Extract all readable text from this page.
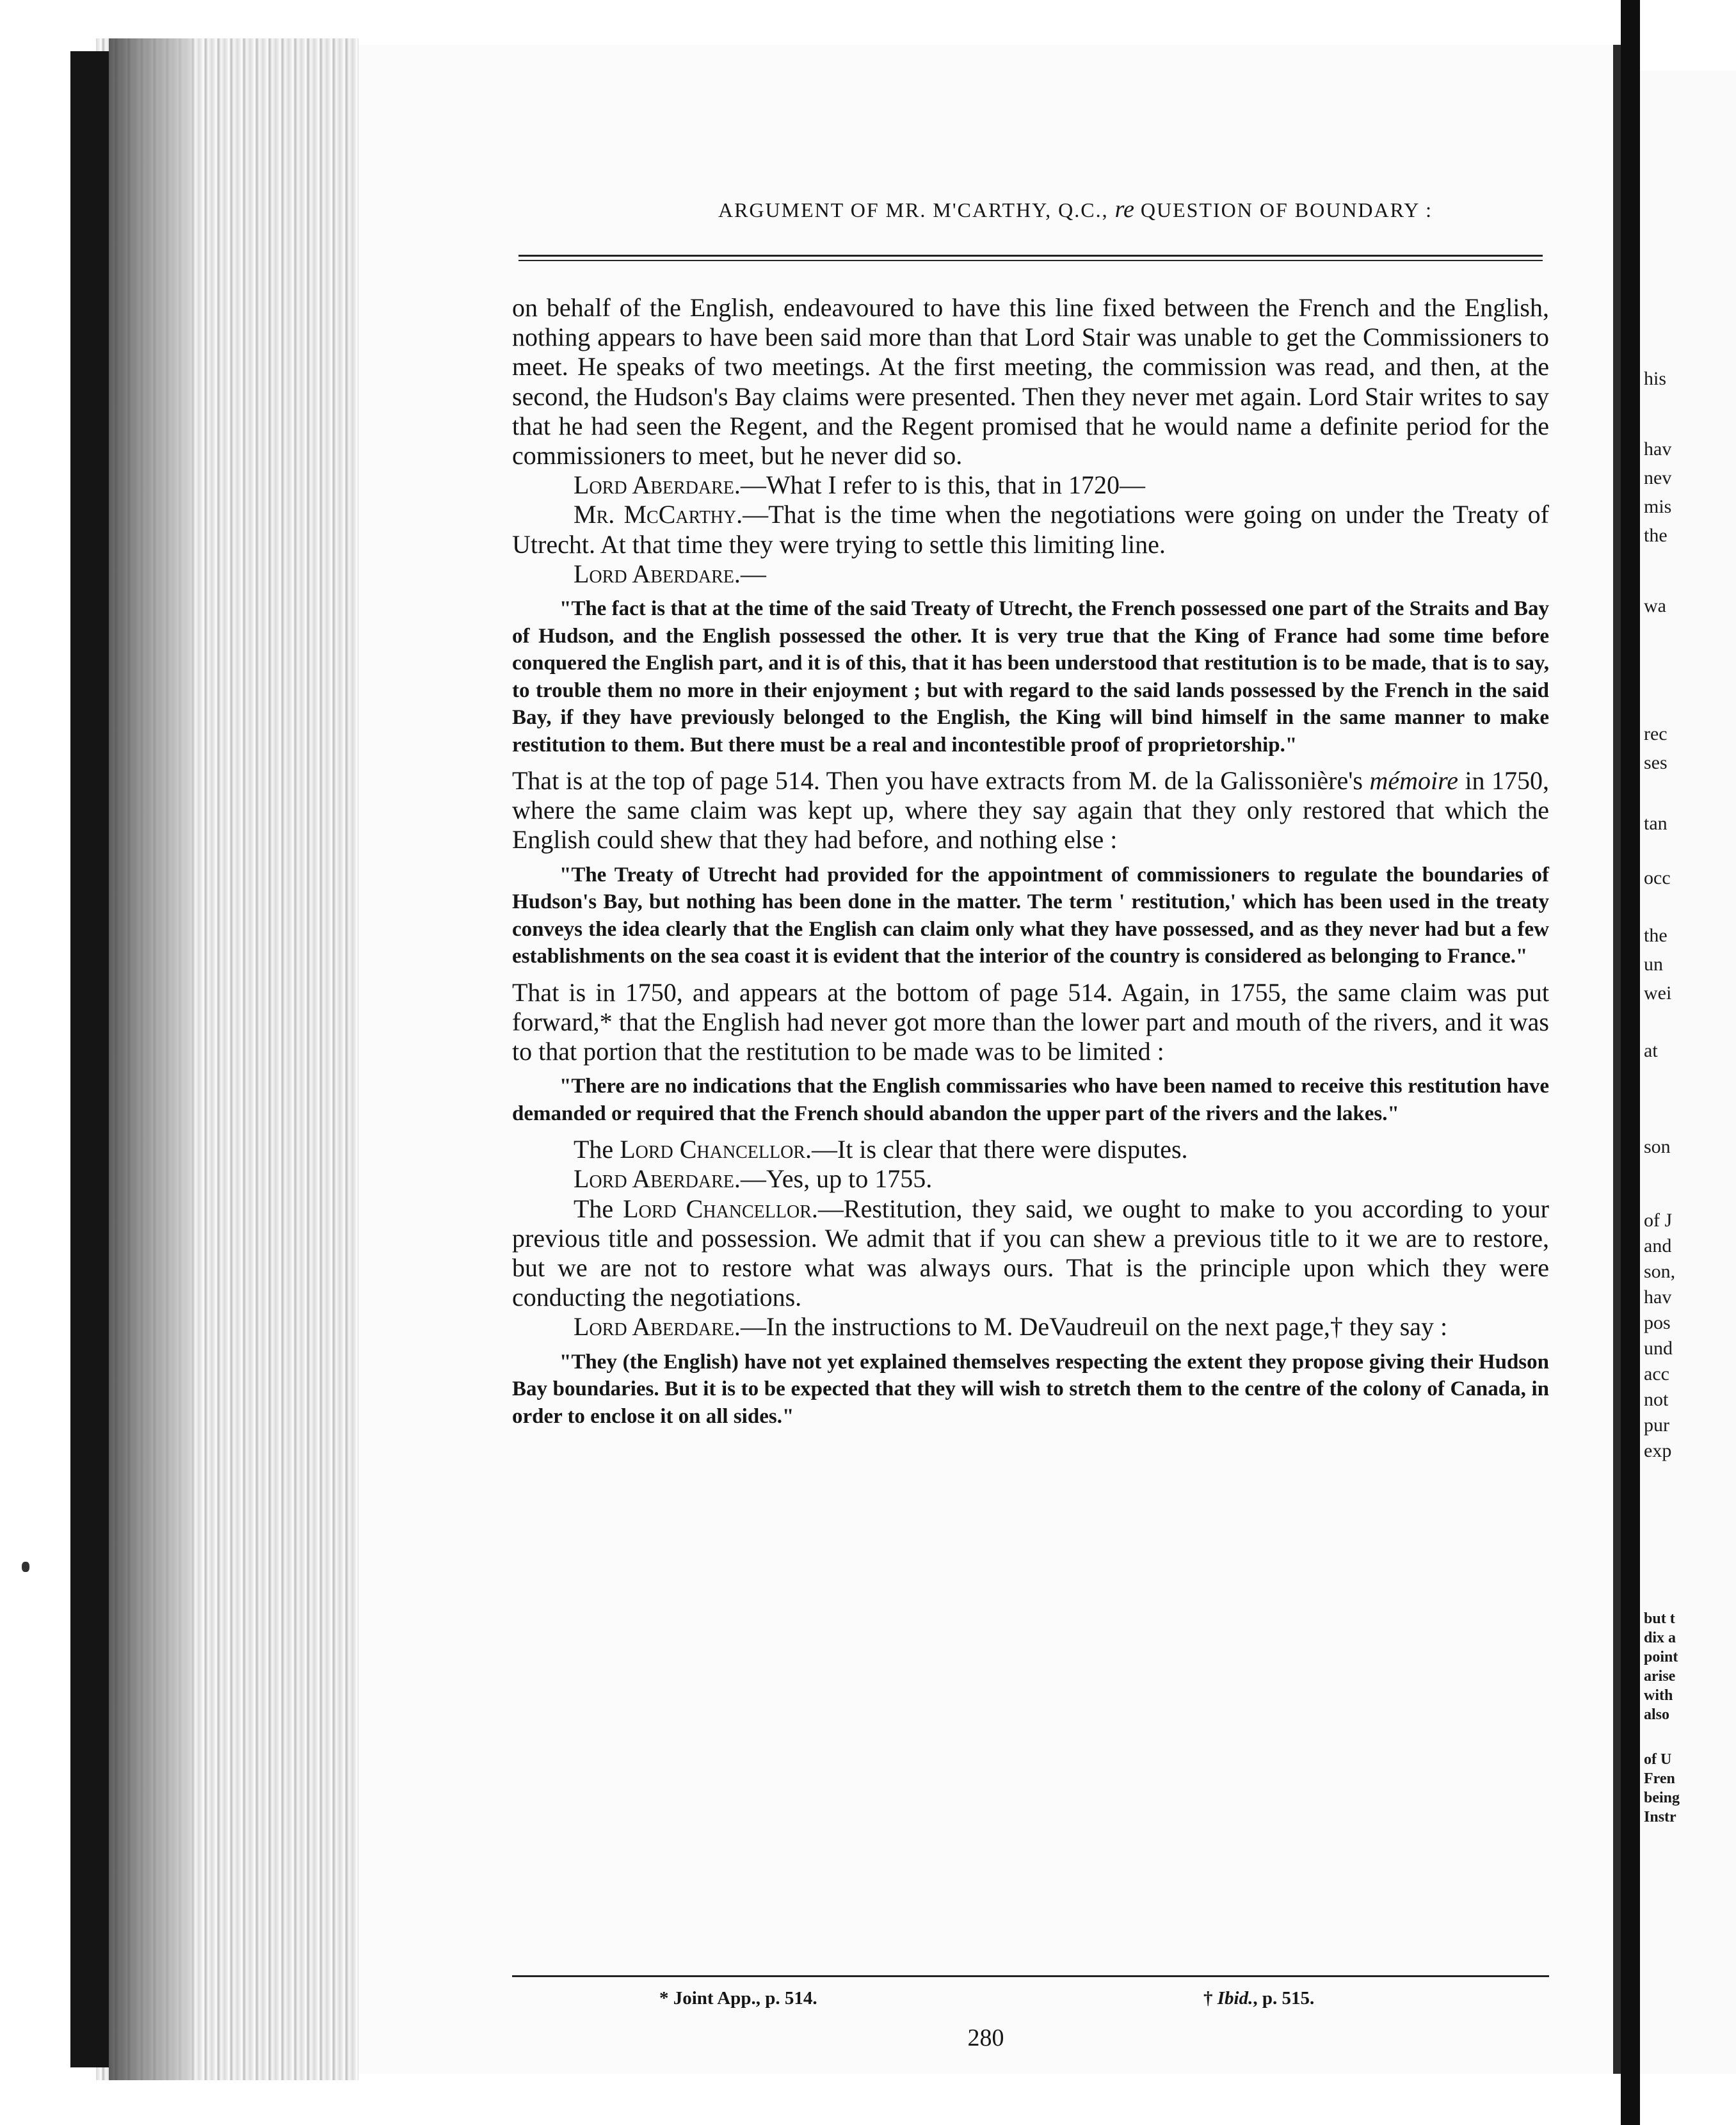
ARGUMENT OF MR. M'CARTHY, Q.C., re QUESTION OF BOUNDARY :

on behalf of the English, endeavoured to have this line fixed between the French and the English, nothing appears to have been said more than that Lord Stair was unable to get the Commissioners to meet. He speaks of two meetings. At the first meeting, the commission was read, and then, at the second, the Hudson's Bay claims were presented. Then they never met again. Lord Stair writes to say that he had seen the Regent, and the Regent promised that he would name a definite period for the commissioners to meet, but he never did so.

Lord Aberdare.—What I refer to is this, that in 1720—

Mr. McCarthy.—That is the time when the negotiations were going on under the Treaty of Utrecht. At that time they were trying to settle this limiting line.

Lord Aberdare.—

"The fact is that at the time of the said Treaty of Utrecht, the French possessed one part of the Straits and Bay of Hudson, and the English possessed the other. It is very true that the King of France had some time before conquered the English part, and it is of this, that it has been understood that restitution is to be made, that is to say, to trouble them no more in their enjoyment ; but with regard to the said lands possessed by the French in the said Bay, if they have previously belonged to the English, the King will bind himself in the same manner to make restitution to them. But there must be a real and incontestible proof of proprietorship."

That is at the top of page 514. Then you have extracts from M. de la Galissonière's mémoire in 1750, where the same claim was kept up, where they say again that they only restored that which the English could shew that they had before, and nothing else :

"The Treaty of Utrecht had provided for the appointment of commissioners to regulate the boundaries of Hudson's Bay, but nothing has been done in the matter. The term ' restitution,' which has been used in the treaty conveys the idea clearly that the English can claim only what they have possessed, and as they never had but a few establishments on the sea coast it is evident that the interior of the country is considered as belonging to France."

That is in 1750, and appears at the bottom of page 514. Again, in 1755, the same claim was put forward,* that the English had never got more than the lower part and mouth of the rivers, and it was to that portion that the restitution to be made was to be limited :

"There are no indications that the English commissaries who have been named to receive this restitution have demanded or required that the French should abandon the upper part of the rivers and the lakes."

The Lord Chancellor.—It is clear that there were disputes.

Lord Aberdare.—Yes, up to 1755.

The Lord Chancellor.—Restitution, they said, we ought to make to you according to your previous title and possession. We admit that if you can shew a previous title to it we are to restore, but we are not to restore what was always ours. That is the principle upon which they were conducting the negotiations.

Lord Aberdare.—In the instructions to M. DeVaudreuil on the next page,† they say :

"They (the English) have not yet explained themselves respecting the extent they propose giving their Hudson Bay boundaries. But it is to be expected that they will wish to stretch them to the centre of the colony of Canada, in order to enclose it on all sides."
* Joint App., p. 514.	† Ibid., p. 515.
280
his
hav
nev
mis
the
wa
rec
ses
tan
occ
the
un
wei
at
son
of J
and
son,
hav
pos
und
acc
not
pur
exp
but t
dix a
point
arise
with
also
of U
Fren
being
Instr
